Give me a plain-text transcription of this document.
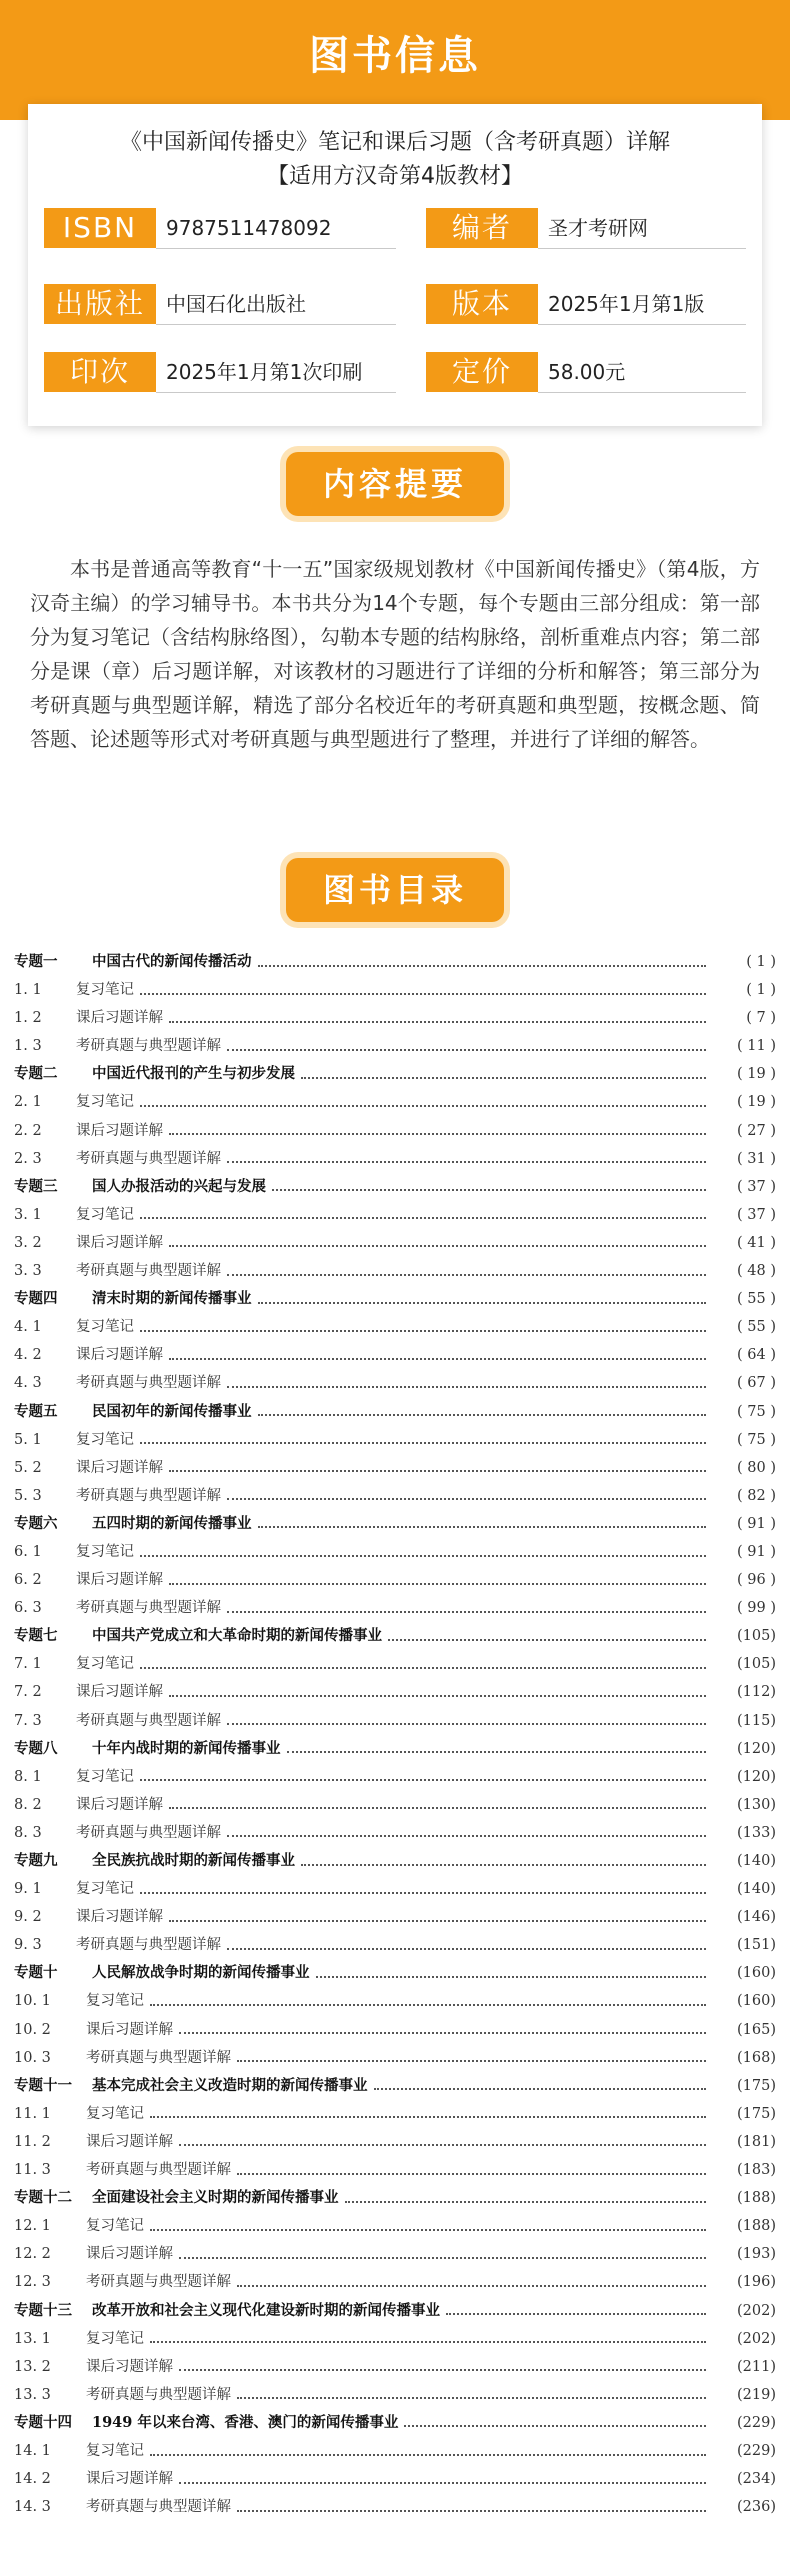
图书信息
《中国新闻传播史》笔记和课后习题（含考研真题）详解
【适用方汉奇第4版教材】
ISBN	9787511478092	编者	圣才考研网
出版社	中国石化出版社	版本	2025年1月第1版
印次	2025年1月第1次印刷	定价	58.00元
内容提要
本书是普通高等教育“十一五”国家级规划教材《中国新闻传播史》（第4版，方汉奇主编）的学习辅导书。本书共分为14个专题，每个专题由三部分组成：第一部分为复习笔记（含结构脉络图），勾勒本专题的结构脉络，剖析重难点内容；第二部分是课（章）后习题详解，对该教材的习题进行了详细的分析和解答；第三部分为考研真题与典型题详解，精选了部分名校近年的考研真题和典型题，按概念题、简答题、论述题等形式对考研真题与典型题进行了整理，并进行了详细的解答。
图书目录
专题一	中国古代的新闻传播活动	( 1 )
1. 1	复习笔记	( 1 )
1. 2	课后习题详解	( 7 )
1. 3	考研真题与典型题详解	( 11 )
专题二	中国近代报刊的产生与初步发展	( 19 )
2. 1	复习笔记	( 19 )
2. 2	课后习题详解	( 27 )
2. 3	考研真题与典型题详解	( 31 )
专题三	国人办报活动的兴起与发展	( 37 )
3. 1	复习笔记	( 37 )
3. 2	课后习题详解	( 41 )
3. 3	考研真题与典型题详解	( 48 )
专题四	清末时期的新闻传播事业	( 55 )
4. 1	复习笔记	( 55 )
4. 2	课后习题详解	( 64 )
4. 3	考研真题与典型题详解	( 67 )
专题五	民国初年的新闻传播事业	( 75 )
5. 1	复习笔记	( 75 )
5. 2	课后习题详解	( 80 )
5. 3	考研真题与典型题详解	( 82 )
专题六	五四时期的新闻传播事业	( 91 )
6. 1	复习笔记	( 91 )
6. 2	课后习题详解	( 96 )
6. 3	考研真题与典型题详解	( 99 )
专题七	中国共产党成立和大革命时期的新闻传播事业	(105)
7. 1	复习笔记	(105)
7. 2	课后习题详解	(112)
7. 3	考研真题与典型题详解	(115)
专题八	十年内战时期的新闻传播事业	(120)
8. 1	复习笔记	(120)
8. 2	课后习题详解	(130)
8. 3	考研真题与典型题详解	(133)
专题九	全民族抗战时期的新闻传播事业	(140)
9. 1	复习笔记	(140)
9. 2	课后习题详解	(146)
9. 3	考研真题与典型题详解	(151)
专题十	人民解放战争时期的新闻传播事业	(160)
10. 1	复习笔记	(160)
10. 2	课后习题详解	(165)
10. 3	考研真题与典型题详解	(168)
专题十一	基本完成社会主义改造时期的新闻传播事业	(175)
11. 1	复习笔记	(175)
11. 2	课后习题详解	(181)
11. 3	考研真题与典型题详解	(183)
专题十二	全面建设社会主义时期的新闻传播事业	(188)
12. 1	复习笔记	(188)
12. 2	课后习题详解	(193)
12. 3	考研真题与典型题详解	(196)
专题十三	改革开放和社会主义现代化建设新时期的新闻传播事业	(202)
13. 1	复习笔记	(202)
13. 2	课后习题详解	(211)
13. 3	考研真题与典型题详解	(219)
专题十四	1949 年以来台湾、香港、澳门的新闻传播事业	(229)
14. 1	复习笔记	(229)
14. 2	课后习题详解	(234)
14. 3	考研真题与典型题详解	(236)
